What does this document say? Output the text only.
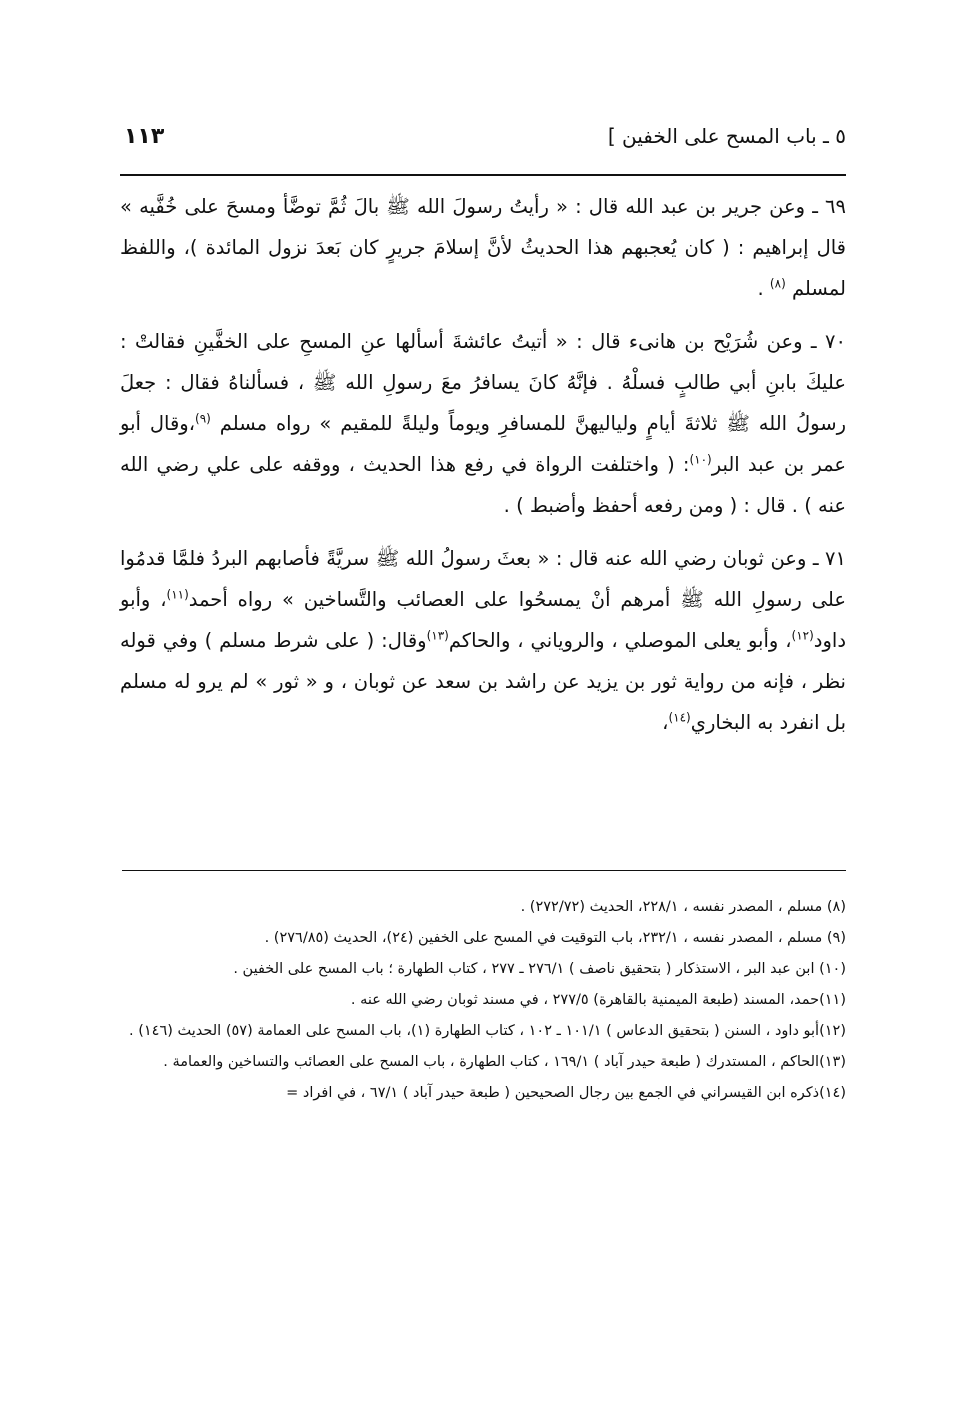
٥ ـ باب المسح على الخفين ]
١١٣

٦٩ ـ وعن جرير بن عبد الله قال : « رأيتُ رسولَ الله ﷺ بالَ ثُمَّ توضَّأ ومسحَ على خُفَّيه » قال إبراهيم : ( كان يُعجبهم هذا الحديثُ لأنَّ إسلامَ جريرٍ كان بَعدَ نزول المائدة )، واللفظ لمسلم $^{(٨)}$ .

٧٠ ـ وعن شُرَيْح بن هانىء قال : « أتيتُ عائشةَ أسألها عنِ المسحِ على الخفَّينِ فقالتْ : عليكَ بابنِ أبي طالبٍ فسلْهُ . فإنَّهُ كانَ يسافرُ معَ رسولِ الله ﷺ ، فسألناهُ فقال : جعلَ رسولُ الله ﷺ ثلاثةَ أيامٍ ولياليهنَّ للمسافرِ ويوماً وليلةً للمقيم » رواه مسلم $^{(٩)}$،وقال أبو عمر بن عبد البر$^{(١٠)}$: ( واختلفت الرواة في رفع هذا الحديث ، ووقفه على علي رضي الله عنه ) . قال : ( ومن رفعه أحفظ وأضبط ) .

٧١ ـ وعن ثوبان رضي الله عنه قال : « بعثَ رسولُ الله ﷺ سريَّةً فأصابهم البردُ فلمَّا قدمُوا على رسولِ الله ﷺ أمرهم أنْ يمسحُوا على العصائب والتَّساخين » رواه أحمد$^{(١١)}$، وأبو داود$^{(١٢)}$، وأبو يعلى الموصلي ، والروياني ، والحاكم$^{(١٣)}$وقال: ( على شرط مسلم ) وفي قوله نظر ، فإنه من رواية ثور بن يزيد عن راشد بن سعد عن ثوبان ، و « ثور » لم يرو له مسلم بل انفرد به البخاري$^{(١٤)}$،

(٨) مسلم ، المصدر نفسه ، ٢٢٨/١، الحديث (٢٧٢/٧٢) .

(٩) مسلم ، المصدر نفسه ، ٢٣٢/١، باب التوقيت في المسح على الخفين (٢٤)، الحديث (٢٧٦/٨٥) .

(١٠) ابن عبد البر ، الاستذكار ( بتحقيق ناصف ) ٢٧٦/١ ـ ٢٧٧ ، كتاب الطهارة ؛ باب المسح على الخفين .

(١١)حمد، المسند (طبعة الميمنية بالقاهرة) ٢٧٧/٥ ، في مسند ثوبان رضي الله عنه .

(١٢)أبو داود ، السنن ( بتحقيق الدعاس ) ١٠١/١ ـ ١٠٢ ، كتاب الطهارة (١)، باب المسح على العمامة (٥٧) الحديث (١٤٦) .

(١٣)الحاكم ، المستدرك ( طبعة حيدر آباد ) ١٦٩/١ ، كتاب الطهارة ، باب المسح على العصائب والتساخين والعمامة .

(١٤)ذكره ابن القيسراني في الجمع بين رجال الصحيحين ( طبعة حيدر آباد ) ٦٧/١ ، في افراد =
